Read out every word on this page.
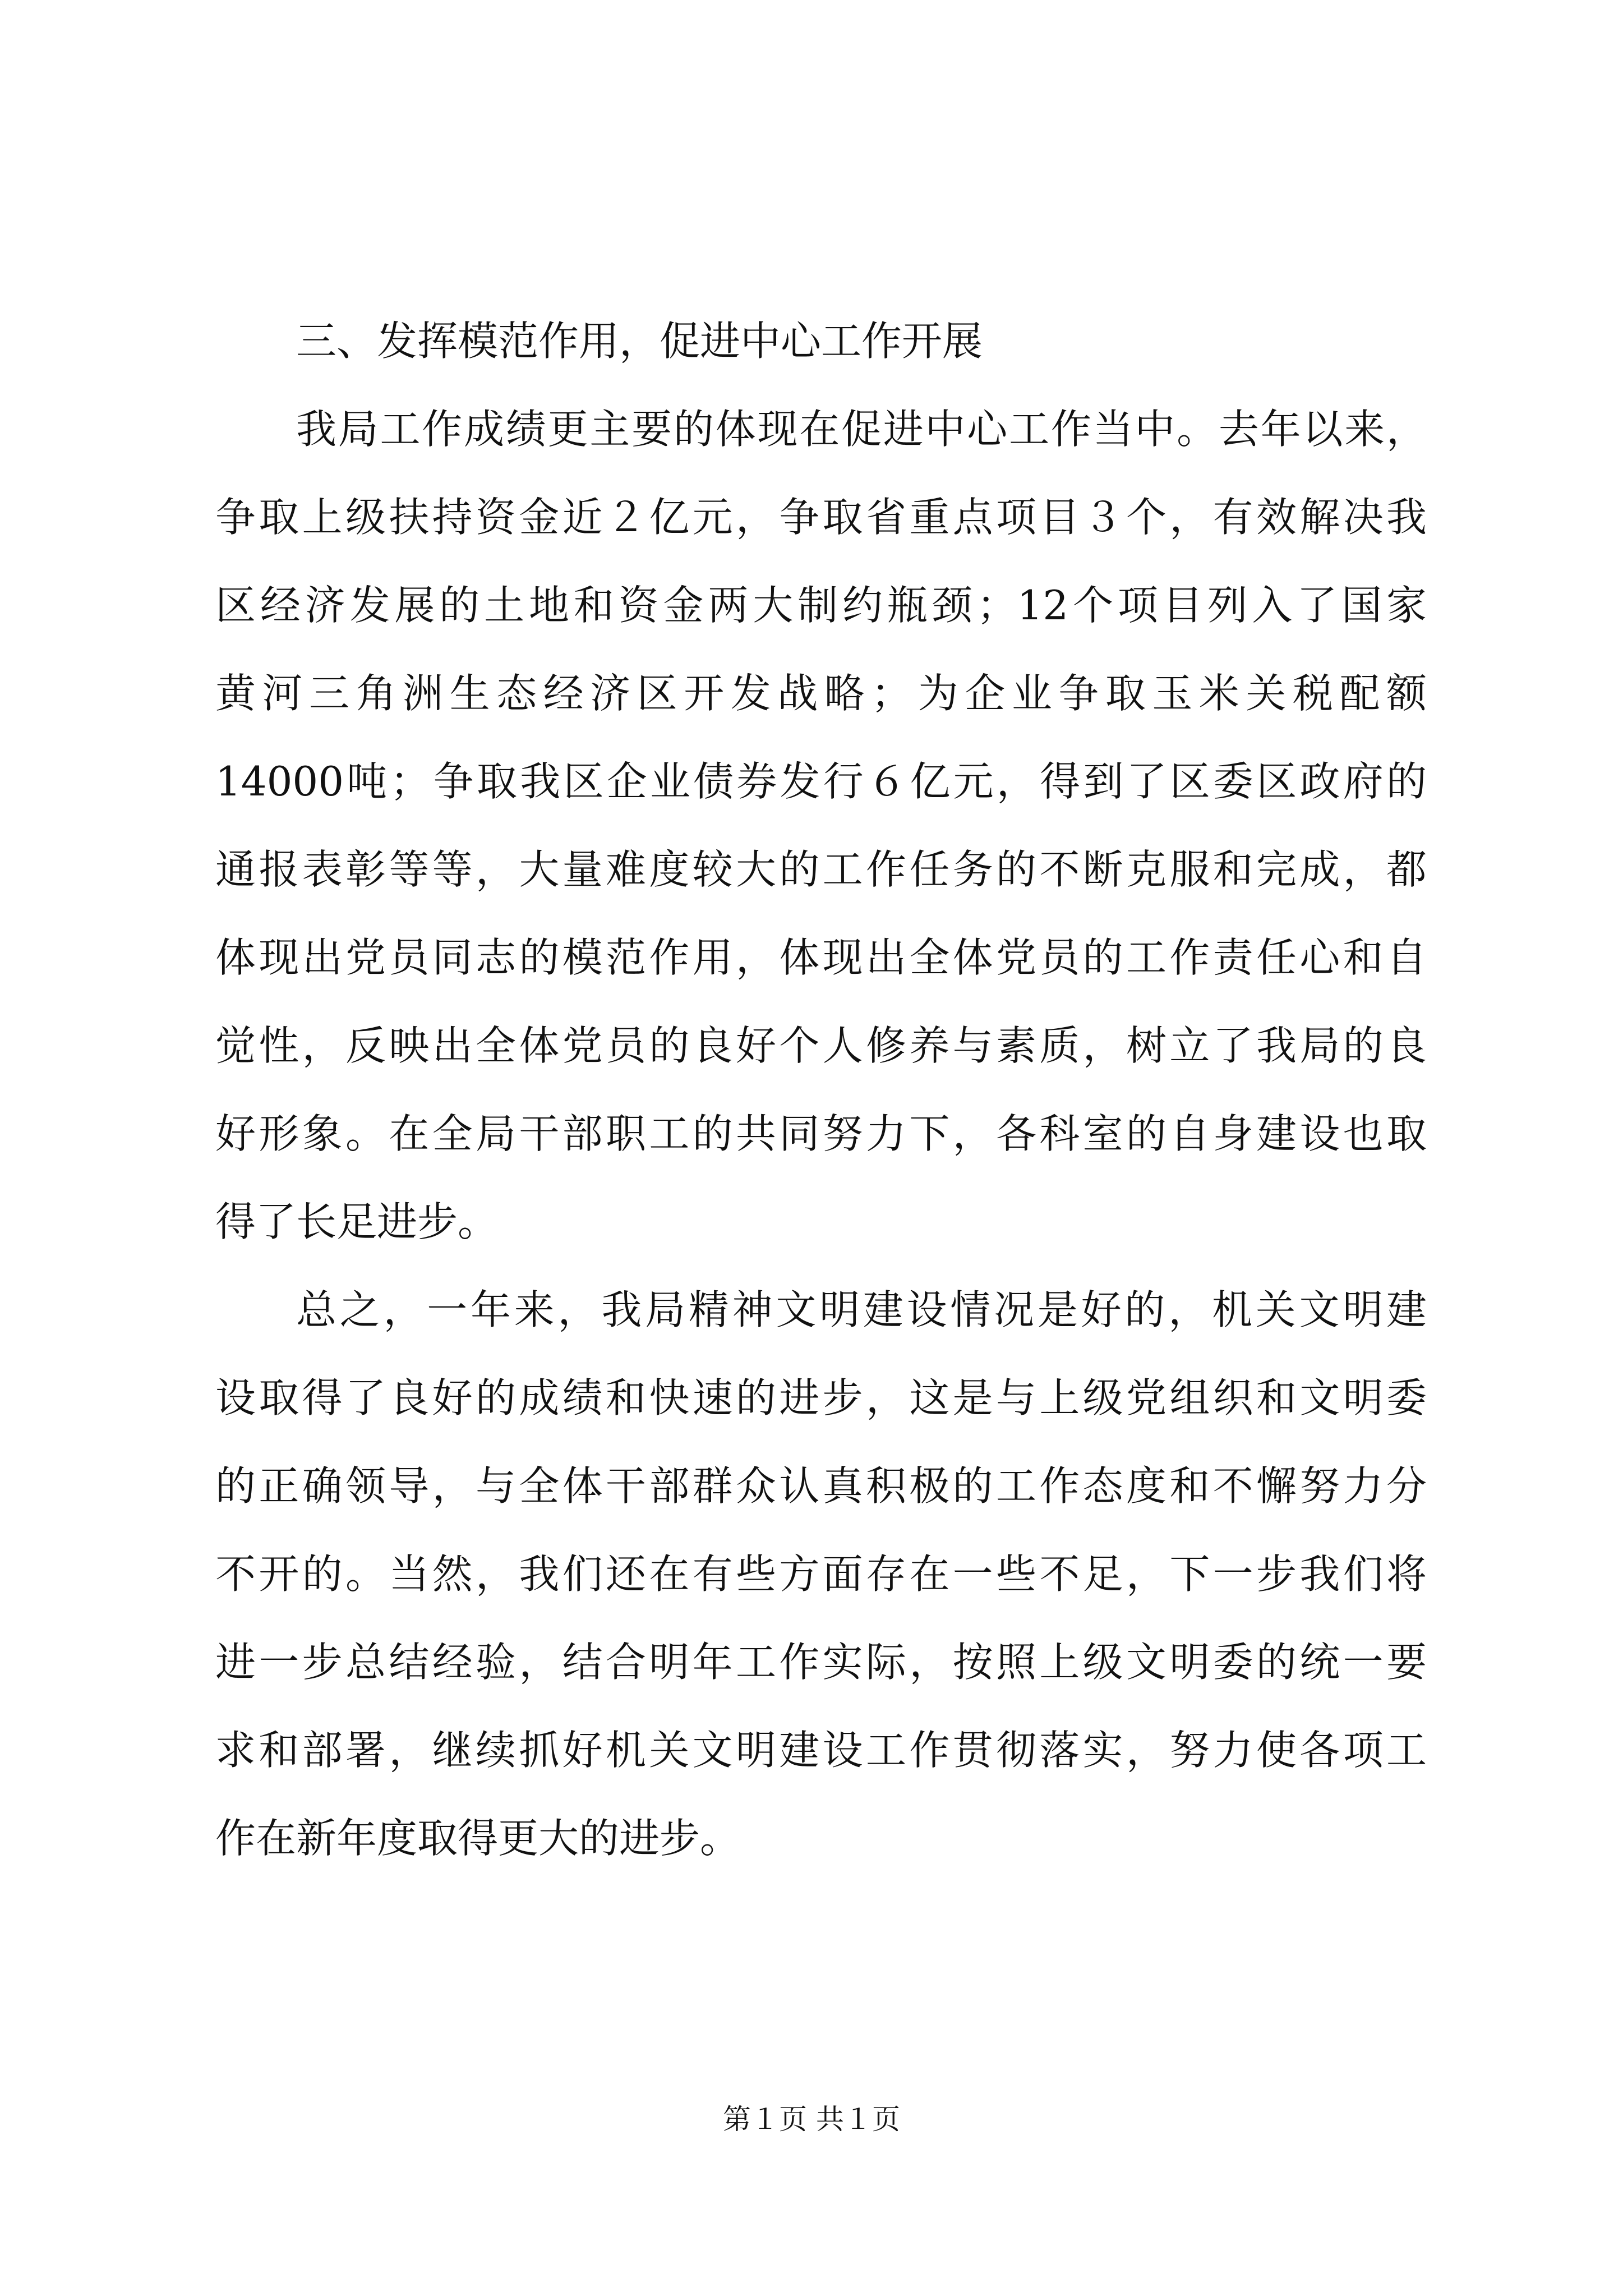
三、发挥模范作用，促进中心工作开展
我局工作成绩更主要的体现在促进中心工作当中。去年以来，
争取上级扶持资金近２亿元，争取省重点项目３个，有效解决我
区经济发展的土地和资金两大制约瓶颈；12个项目列入了国家
黄河三角洲生态经济区开发战略；为企业争取玉米关税配额
14000吨；争取我区企业债券发行６亿元，得到了区委区政府的
通报表彰等等，大量难度较大的工作任务的不断克服和完成，都
体现出党员同志的模范作用，体现出全体党员的工作责任心和自
觉性，反映出全体党员的良好个人修养与素质，树立了我局的良
好形象。在全局干部职工的共同努力下，各科室的自身建设也取
得了长足进步。
总之，一年来，我局精神文明建设情况是好的，机关文明建
设取得了良好的成绩和快速的进步，这是与上级党组织和文明委
的正确领导，与全体干部群众认真积极的工作态度和不懈努力分
不开的。当然，我们还在有些方面存在一些不足，下一步我们将
进一步总结经验，结合明年工作实际，按照上级文明委的统一要
求和部署，继续抓好机关文明建设工作贯彻落实，努力使各项工
作在新年度取得更大的进步。
第１页 共１页
